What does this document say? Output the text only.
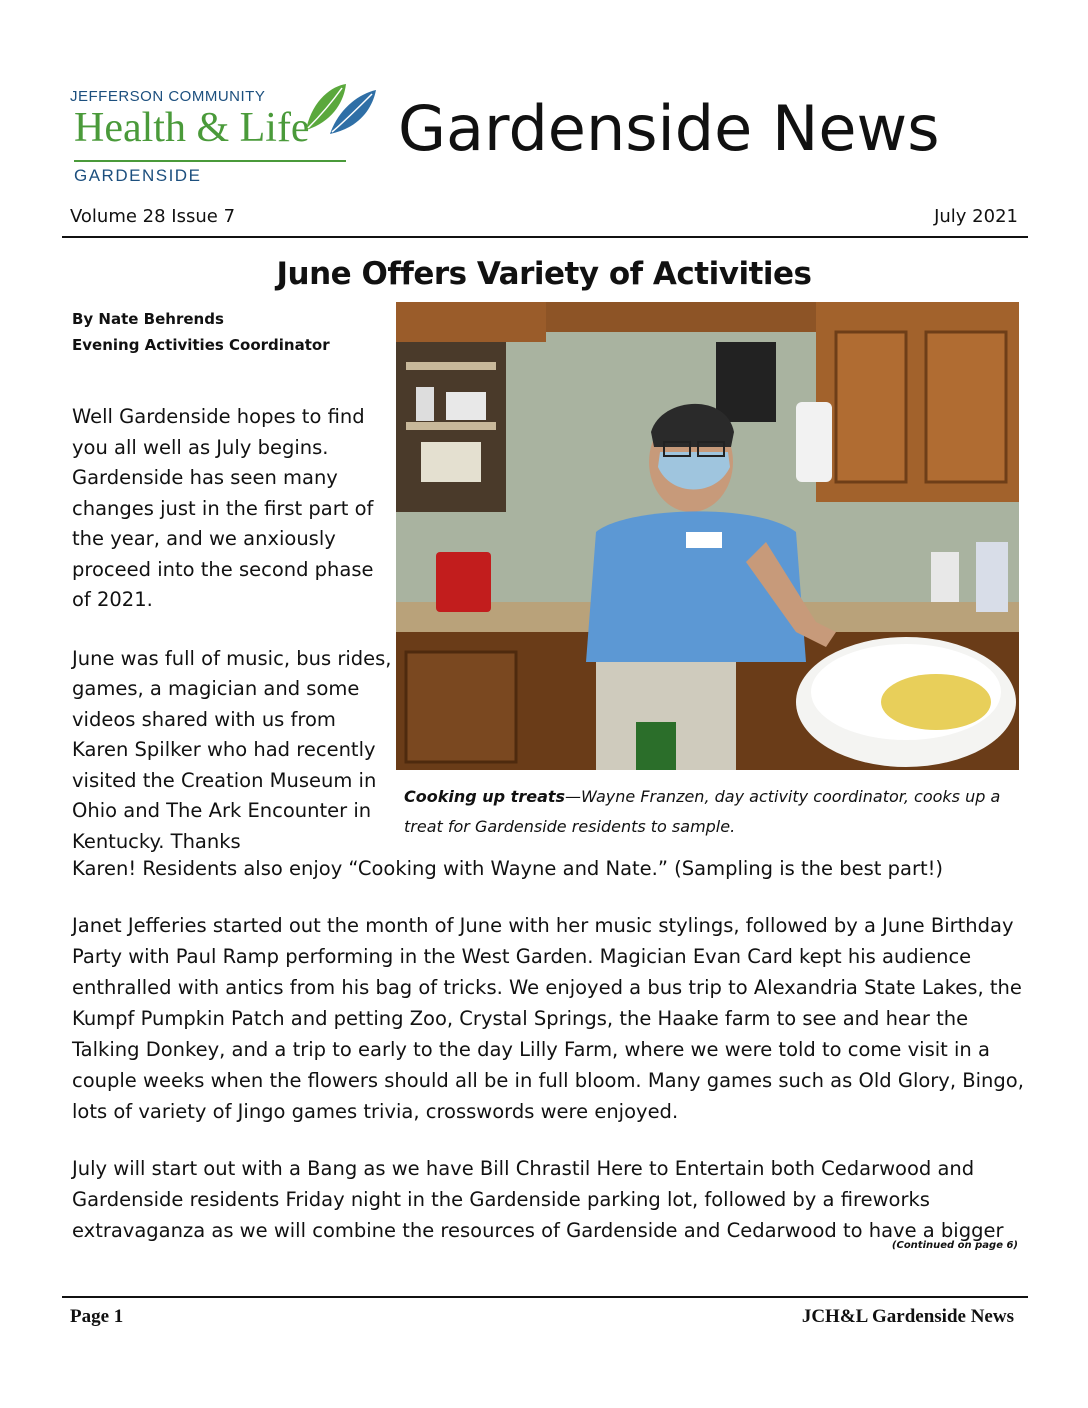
JEFFERSON COMMUNITY
Health & Life
GARDENSIDE
Gardenside News
Volume 28 Issue 7	July 2021
June Offers Variety of Activities
By Nate Behrends
Evening Activities Coordinator

Well Gardenside hopes to find you all well as July begins. Gardenside has seen many changes just in the first part of the year, and we anxiously proceed into the second phase of 2021.

June was full of music, bus rides, games, a magician and some videos shared with us from Karen Spilker who had recently visited the Creation Museum in Ohio and The Ark Encounter in Kentucky. Thanks

Cooking up treats—Wayne Franzen, day activity coordinator, cooks up a treat for Gardenside residents to sample.

Karen! Residents also enjoy “Cooking with Wayne and Nate.” (Sampling is the best part!)

Janet Jefferies started out the month of June with her music stylings, followed by a June Birthday Party with Paul Ramp performing in the West Garden. Magician Evan Card kept his audience enthralled with antics from his bag of tricks. We enjoyed a bus trip to Alexandria State Lakes, the Kumpf Pumpkin Patch and petting Zoo, Crystal Springs, the Haake farm to see and hear the Talking Donkey, and a trip to early to the day Lilly Farm, where we were told to come visit in a couple weeks when the flowers should all be in full bloom. Many games such as Old Glory, Bingo, lots of variety of Jingo games trivia, crosswords were enjoyed.

July will start out with a Bang as we have Bill Chrastil Here to Entertain both Cedarwood and Gardenside residents Friday night in the Gardenside parking lot, followed by a fireworks extravaganza as we will combine the resources of Gardenside and Cedarwood to have a bigger

(Continued on page 6)
Page 1	JCH&L Gardenside News
